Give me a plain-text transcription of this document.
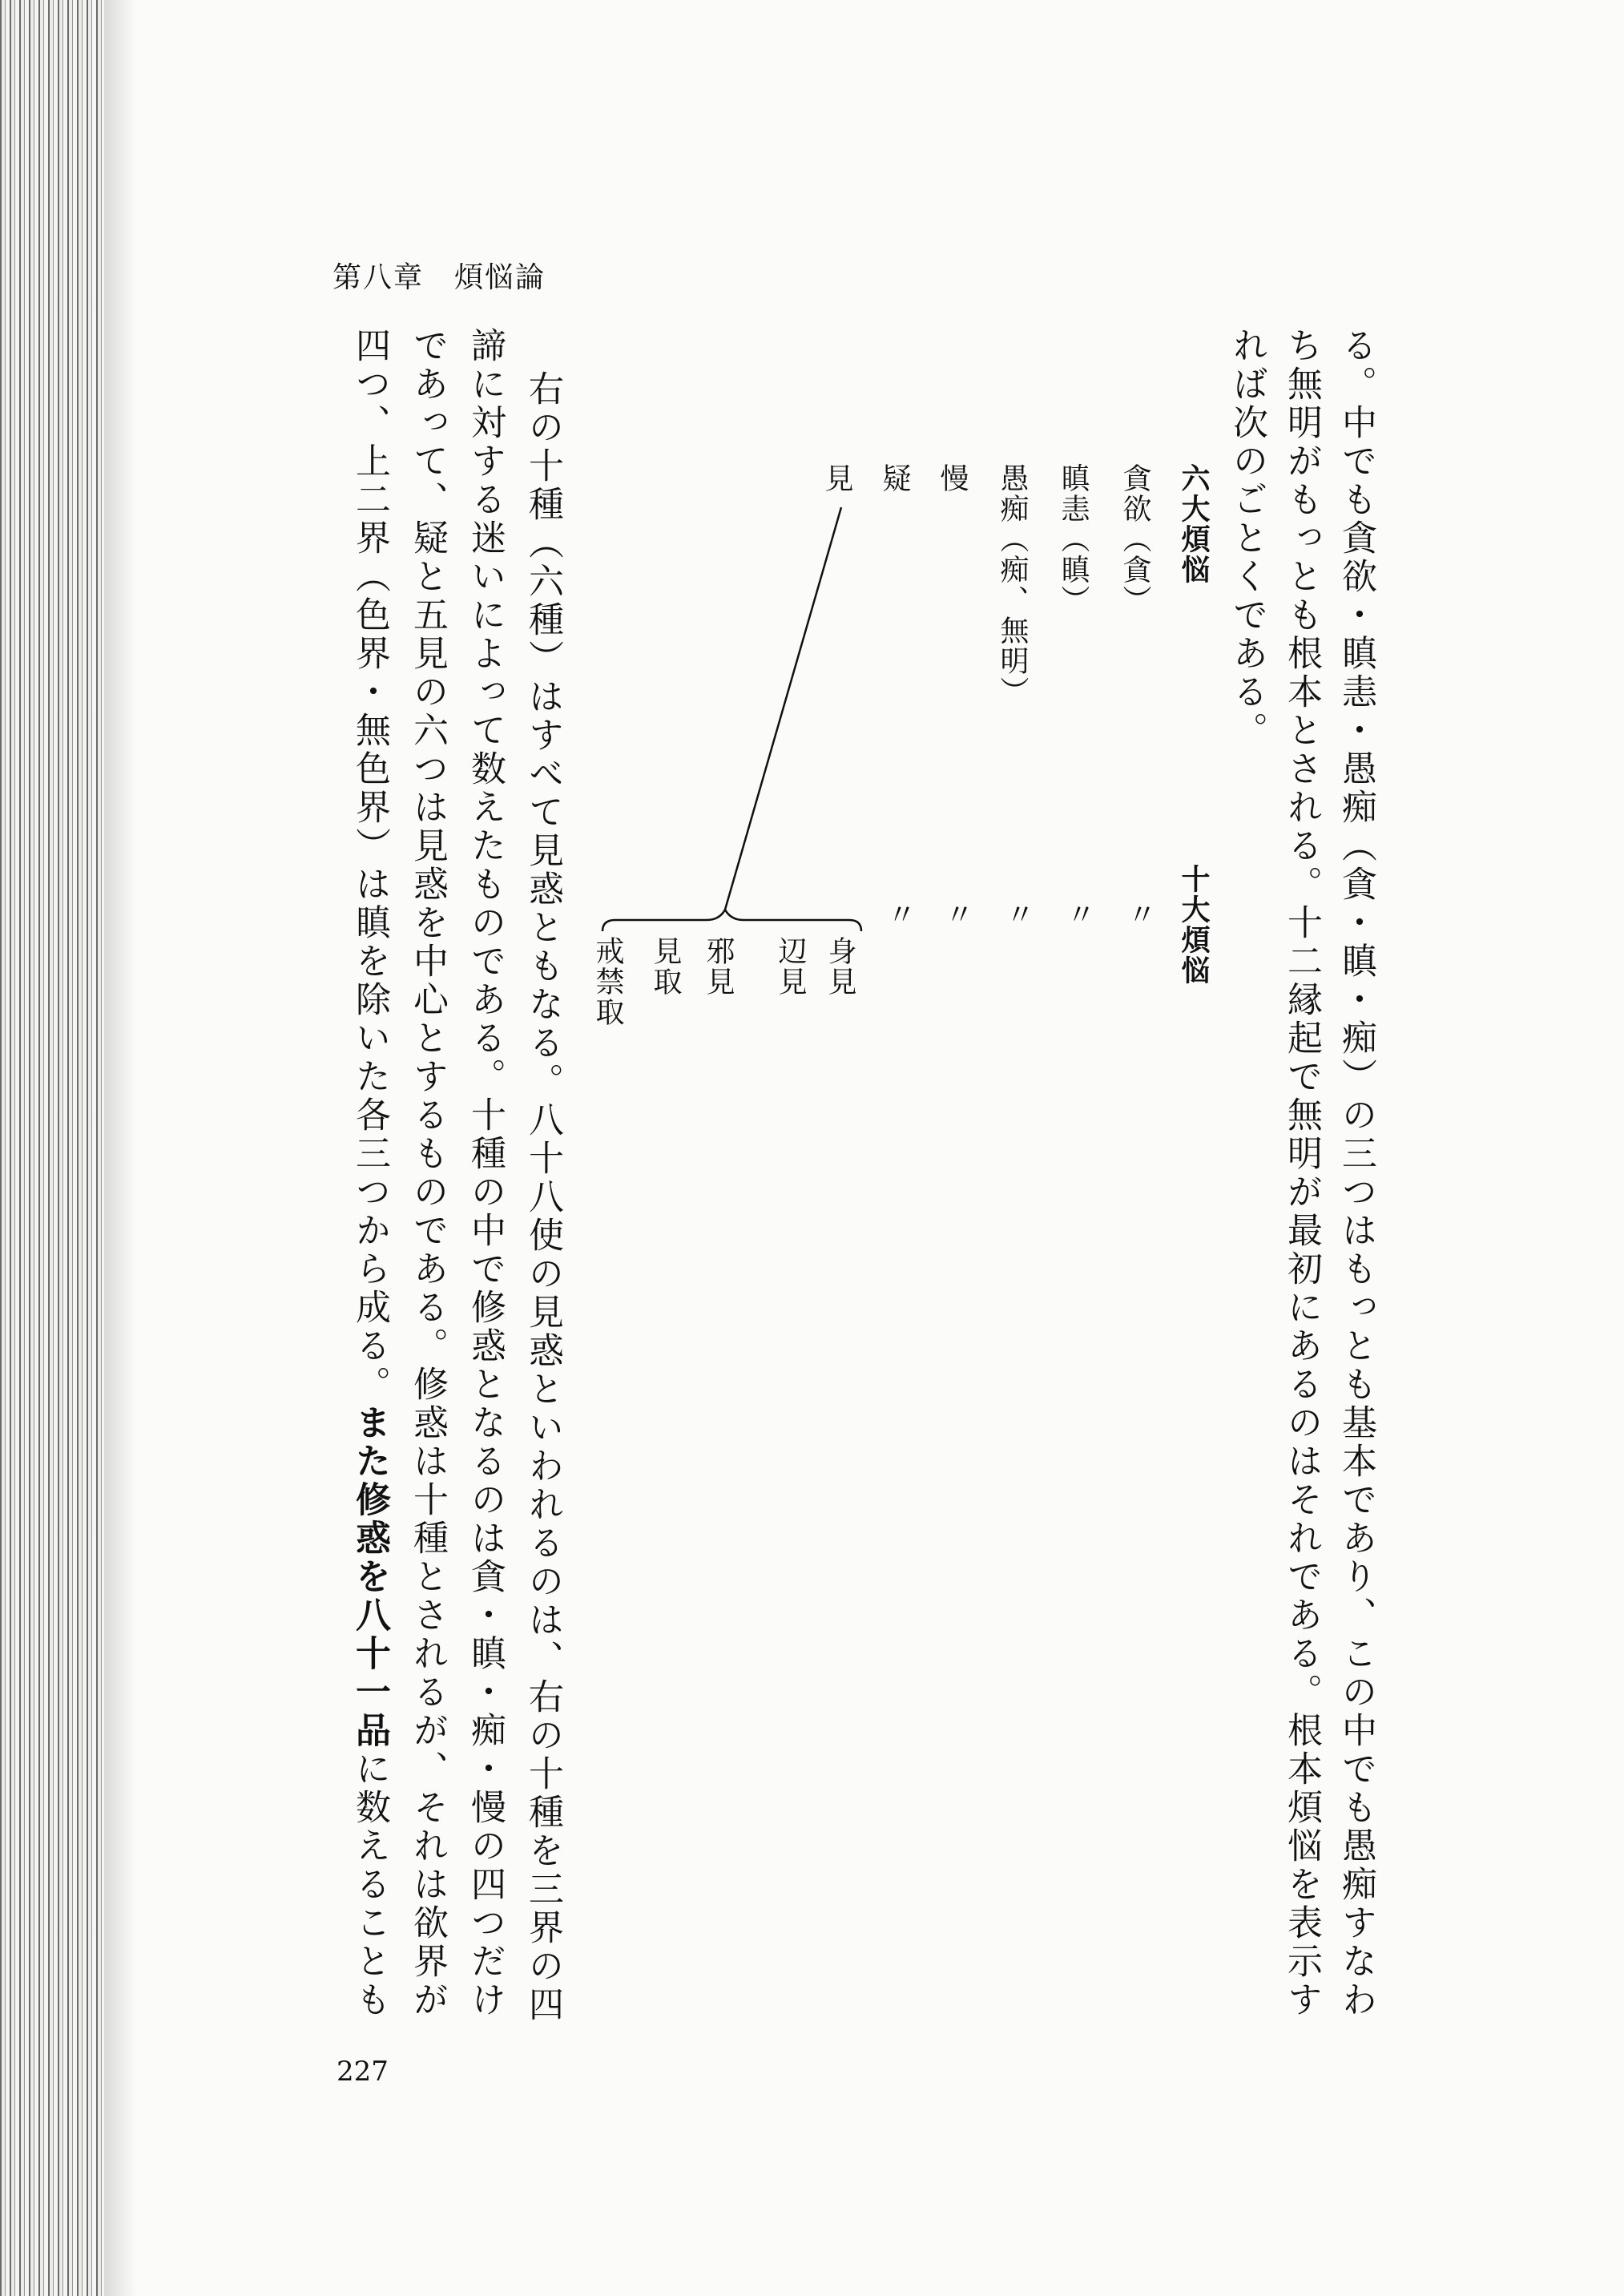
第八章　煩悩論
227
る。中でも貪欲・瞋恚・愚痴（貪・瞋・痴）の三つはもっとも基本であり、この中でも愚痴すなわ
ち無明がもっとも根本とされる。十二縁起で無明が最初にあるのはそれである。根本煩悩を表示す
れば次のごとくである。
六大煩悩
十大煩悩
貪欲（貪）
瞋恚（瞋）
愚痴（痴、無明）
慢
疑
見
〃
〃
〃
〃
〃
身見
辺見
邪見
見取
戒禁取
右の十種（六種）はすべて見惑ともなる。八十八使の見惑といわれるのは、右の十種を三界の四
諦に対する迷いによって数えたものである。十種の中で修惑となるのは貪・瞋・痴・慢の四つだけ
であって、疑と五見の六つは見惑を中心とするものである。修惑は十種とされるが、それは欲界が
四つ、上二界（色界・無色界）は瞋を除いた各三つから成る。また修惑を八十一品に数えることも
